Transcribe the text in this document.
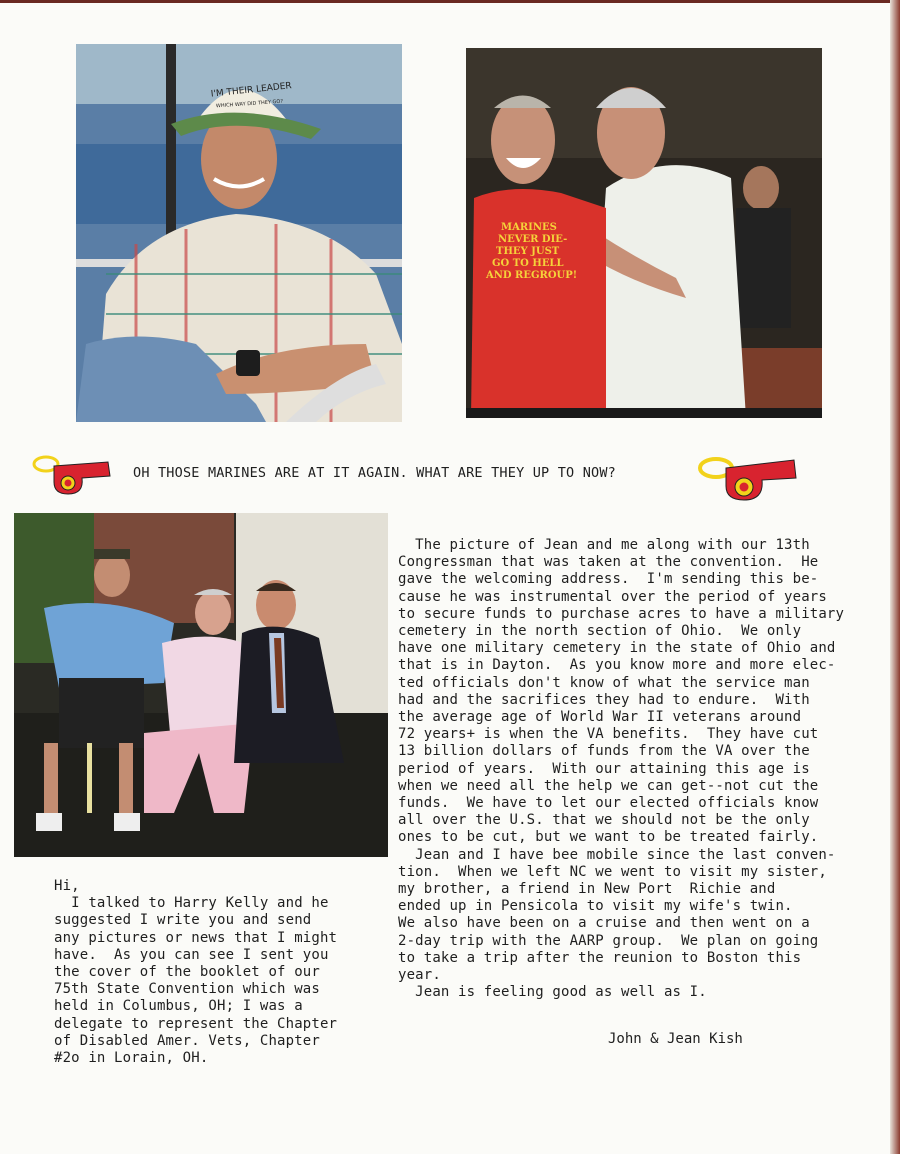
I'M THEIR LEADER
WHICH WAY DID THEY GO?
MARINES
NEVER DIE-
THEY JUST
GO TO HELL
AND REGROUP!
OH THOSE MARINES ARE AT IT AGAIN. WHAT ARE THEY UP TO NOW?
Hi,
I talked to Harry Kelly and he
suggested I write you and send
any pictures or news that I might
have.  As you can see I sent you
the cover of the booklet of our
75th State Convention which was
held in Columbus, OH; I was a
delegate to represent the Chapter
of Disabled Amer. Vets, Chapter
#2o in Lorain, OH.
The picture of Jean and me along with our 13th
Congressman that was taken at the convention.  He
gave the welcoming address.  I'm sending this be-
cause he was instrumental over the period of years
to secure funds to purchase acres to have a military
cemetery in the north section of Ohio.  We only
have one military cemetery in the state of Ohio and
that is in Dayton.  As you know more and more elec-
ted officials don't know of what the service man
had and the sacrifices they had to endure.  With
the average age of World War II veterans around
72 years+ is when the VA benefits.  They have cut
13 billion dollars of funds from the VA over the
period of years.  With our attaining this age is
when we need all the help we can get--not cut the
funds.  We have to let our elected officials know
all over the U.S. that we should not be the only
ones to be cut, but we want to be treated fairly.
Jean and I have bee mobile since the last conven-
tion.  When we left NC we went to visit my sister,
my brother, a friend in New Port  Richie and
ended up in Pensicola to visit my wife's twin.
We also have been on a cruise and then went on a
2-day trip with the AARP group.  We plan on going
to take a trip after the reunion to Boston this
year.
Jean is feeling good as well as I.
John & Jean Kish
